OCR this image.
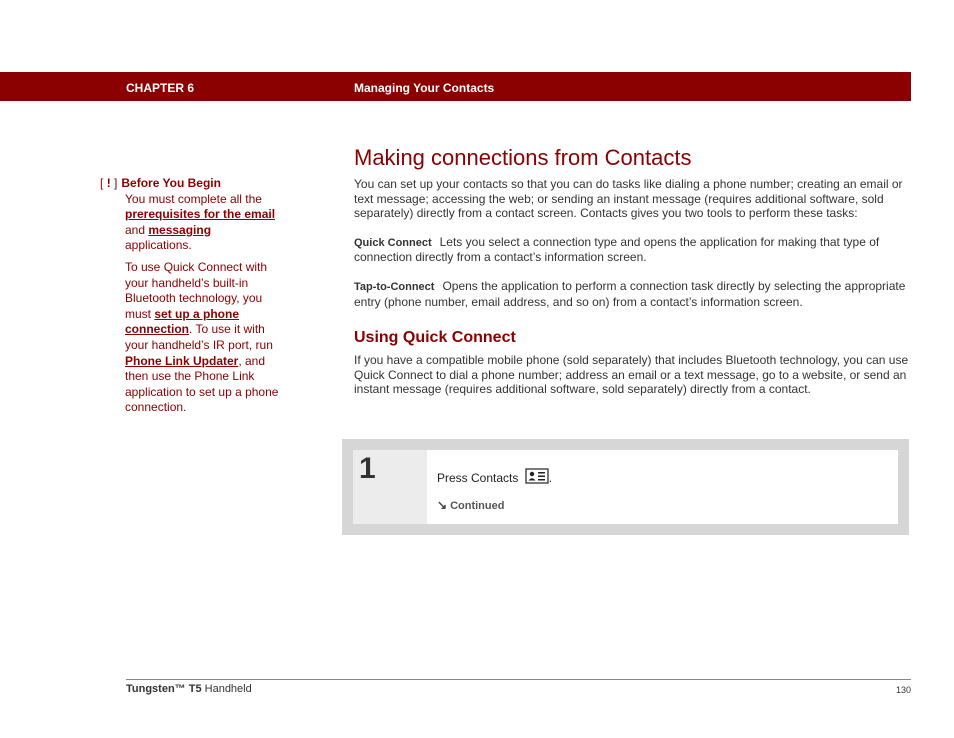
CHAPTER 6	Managing Your Contacts
[ ! ] Before You Begin

You must complete all the prerequisites for the email and messaging applications.

To use Quick Connect with your handheld’s built-in Bluetooth technology, you must set up a phone connection. To use it with your handheld’s IR port, run Phone Link Updater, and then use the Phone Link application to set up a phone connection.

Making connections from Contacts

You can set up your contacts so that you can do tasks like dialing a phone number; creating an email or text message; accessing the web; or sending an instant message (requires additional software, sold separately) directly from a contact screen. Contacts gives you two tools to perform these tasks:

Quick Connect Lets you select a connection type and opens the application for making that type of connection directly from a contact’s information screen.

Tap-to-Connect Opens the application to perform a connection task directly by selecting the appropriate entry (phone number, email address, and so on) from a contact’s information screen.

Using Quick Connect

If you have a compatible mobile phone (sold separately) that includes Bluetooth technology, you can use Quick Connect to dial a phone number; address an email or a text message, go to a website, or send an instant message (requires additional software, sold separately) directly from a contact.

1	Press Contacts	.
↘ Continued
Tungsten™ T5 Handheld	130
